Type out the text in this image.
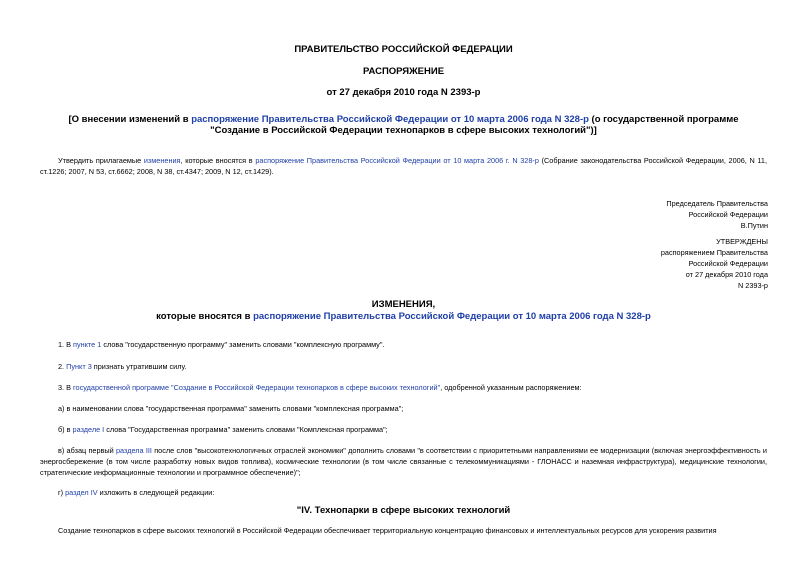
ПРАВИТЕЛЬСТВО РОССИЙСКОЙ ФЕДЕРАЦИИ
РАСПОРЯЖЕНИЕ
от 27 декабря 2010 года N 2393-р
[О внесении изменений в распоряжение Правительства Российской Федерации от 10 марта 2006 года N 328-р (о государственной программе "Создание в Российской Федерации технопарков в сфере высоких технологий")]
Утвердить прилагаемые изменения, которые вносятся в распоряжение Правительства Российской Федерации от 10 марта 2006 г. N 328-р (Собрание законодательства Российской Федерации, 2006, N 11, ст.1226; 2007, N 53, ст.6662; 2008, N 38, ст.4347; 2009, N 12, ст.1429).
Председатель Правительства
Российской Федерации
В.Путин
УТВЕРЖДЕНЫ
распоряжением Правительства
Российской Федерации
от 27 декабря 2010 года
N 2393-р
ИЗМЕНЕНИЯ,
которые вносятся в распоряжение Правительства Российской Федерации от 10 марта 2006 года N 328-р
1. В пункте 1 слова "государственную программу" заменить словами "комплексную программу".
2. Пункт 3 признать утратившим силу.
3. В государственной программе "Создание в Российской Федерации технопарков в сфере высоких технологий", одобренной указанным распоряжением:
а) в наименовании слова "государственная программа" заменить словами "комплексная программа";
б) в разделе I слова "Государственная программа" заменить словами "Комплексная программа";
в) абзац первый раздела III после слов "высокотехнологичных отраслей экономики" дополнить словами "в соответствии с приоритетными направлениями ее модернизации (включая энергоэффективность и энергосбережение (в том числе разработку новых видов топлива), космические технологии (в том числе связанные с телекоммуникациями - ГЛОНАСС и наземная инфраструктура), медицинские технологии, стратегические информационные технологии и программное обеспечение)";
г) раздел IV изложить в следующей редакции:
"IV. Технопарки в сфере высоких технологий
Создание технопарков в сфере высоких технологий в Российской Федерации обеспечивает территориальную концентрацию финансовых и интеллектуальных ресурсов для ускорения развития
